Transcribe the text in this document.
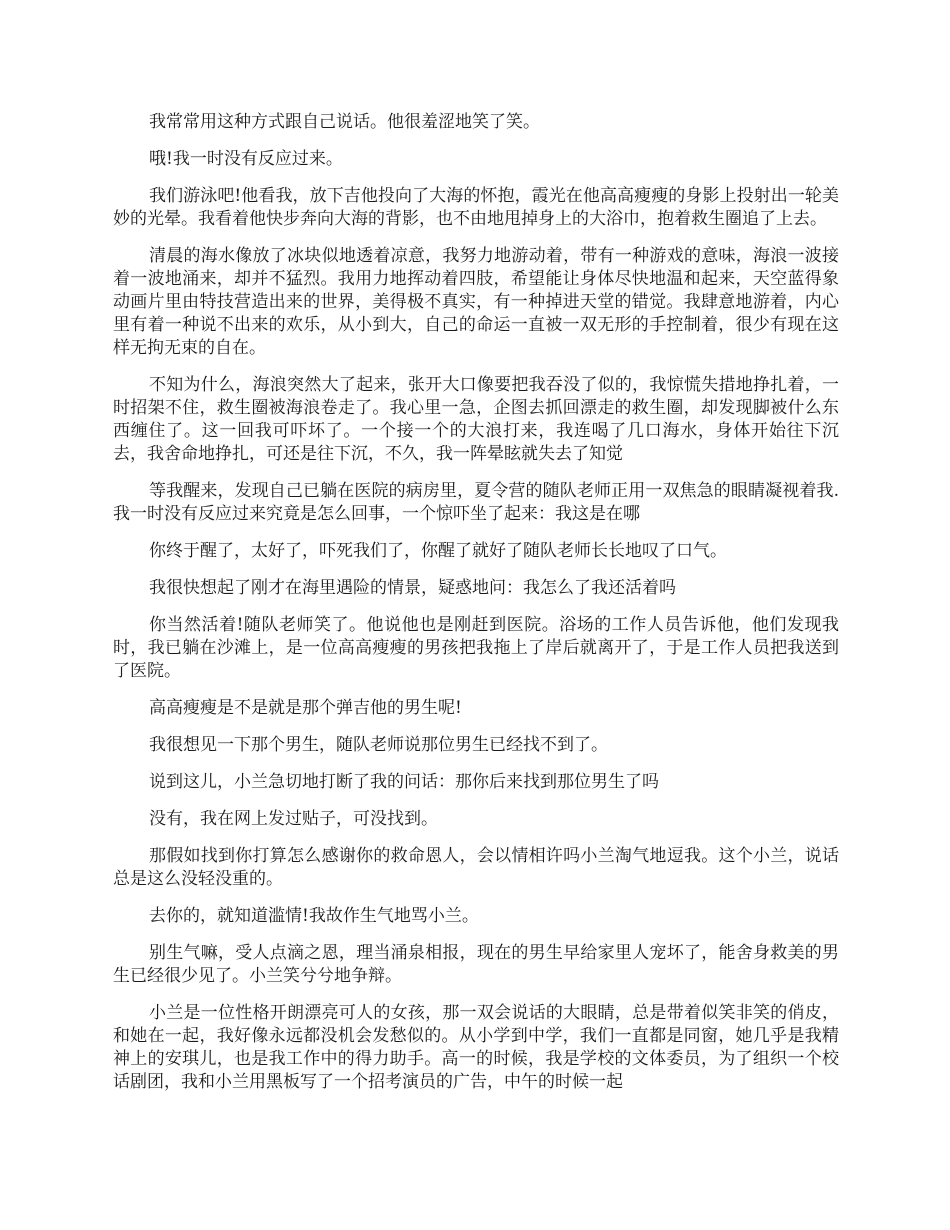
我常常用这种方式跟自己说话。他很羞涩地笑了笑。

哦!我一时没有反应过来。

我们游泳吧!他看我，放下吉他投向了大海的怀抱，霞光在他高高瘦瘦的身影上投射出一轮美妙的光晕。我看着他快步奔向大海的背影，也不由地甩掉身上的大浴巾，抱着救生圈追了上去。

清晨的海水像放了冰块似地透着凉意，我努力地游动着，带有一种游戏的意味，海浪一波接着一波地涌来，却并不猛烈。我用力地挥动着四肢，希望能让身体尽快地温和起来，天空蓝得象动画片里由特技营造出来的世界，美得极不真实，有一种掉进天堂的错觉。我肆意地游着，内心里有着一种说不出来的欢乐，从小到大，自己的命运一直被一双无形的手控制着，很少有现在这样无拘无束的自在。

不知为什么，海浪突然大了起来，张开大口像要把我吞没了似的，我惊慌失措地挣扎着，一时招架不住，救生圈被海浪卷走了。我心里一急，企图去抓回漂走的救生圈，却发现脚被什么东西缠住了。这一回我可吓坏了。一个接一个的大浪打来，我连喝了几口海水，身体开始往下沉去，我舍命地挣扎，可还是往下沉，不久，我一阵晕眩就失去了知觉

等我醒来，发现自己已躺在医院的病房里，夏令营的随队老师正用一双焦急的眼睛凝视着我.我一时没有反应过来究竟是怎么回事，一个惊吓坐了起来：我这是在哪

你终于醒了，太好了，吓死我们了，你醒了就好了随队老师长长地叹了口气。

我很快想起了刚才在海里遇险的情景，疑惑地问：我怎么了我还活着吗

你当然活着!随队老师笑了。他说他也是刚赶到医院。浴场的工作人员告诉他，他们发现我时，我已躺在沙滩上，是一位高高瘦瘦的男孩把我拖上了岸后就离开了，于是工作人员把我送到了医院。

高高瘦瘦是不是就是那个弹吉他的男生呢!

我很想见一下那个男生，随队老师说那位男生已经找不到了。

说到这儿，小兰急切地打断了我的问话：那你后来找到那位男生了吗

没有，我在网上发过贴子，可没找到。

那假如找到你打算怎么感谢你的救命恩人，会以情相许吗小兰淘气地逗我。这个小兰，说话总是这么没轻没重的。

去你的，就知道滥情!我故作生气地骂小兰。

别生气嘛，受人点滴之恩，理当涌泉相报，现在的男生早给家里人宠坏了，能舍身救美的男生已经很少见了。小兰笑兮兮地争辩。

小兰是一位性格开朗漂亮可人的女孩，那一双会说话的大眼睛，总是带着似笑非笑的俏皮，和她在一起，我好像永远都没机会发愁似的。从小学到中学，我们一直都是同窗，她几乎是我精神上的安琪儿，也是我工作中的得力助手。高一的时候，我是学校的文体委员，为了组织一个校话剧团，我和小兰用黑板写了一个招考演员的广告，中午的时候一起
